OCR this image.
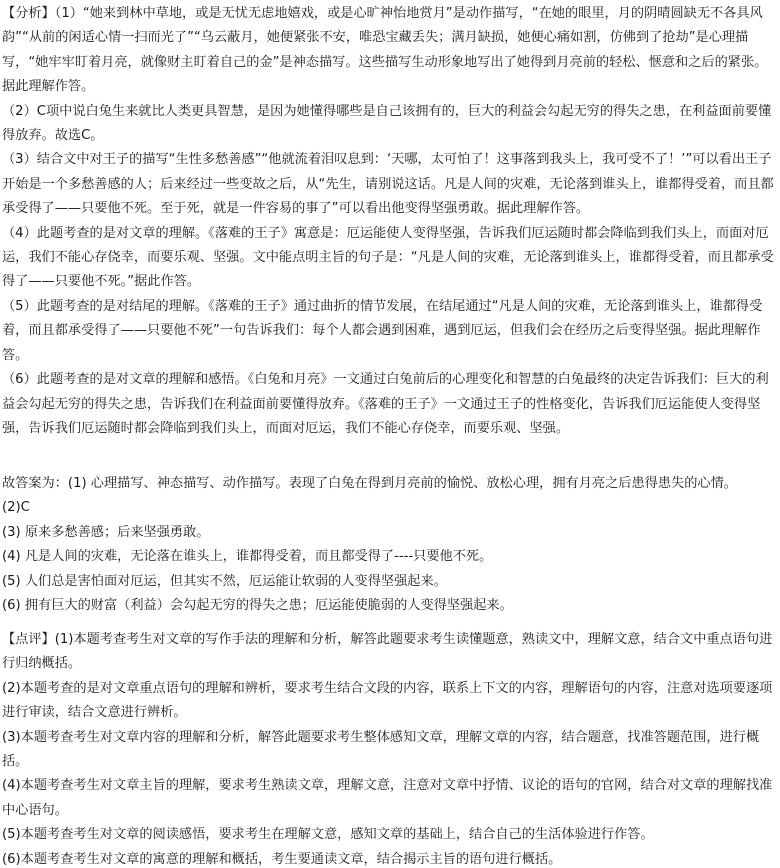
【分析】（1）“她来到林中草地，或是无忧无虑地嬉戏，或是心旷神怡地赏月”是动作描写，“在她的眼里，月的阴晴圆缺无不各具风韵”“从前的闲适心情一扫而光了”“乌云蔽月，她便紧张不安，唯恐宝藏丢失；满月缺损，她便心痛如割，仿佛到了抢劫”是心理描写，“她牢牢盯着月亮，就像财主盯着自己的金”是神态描写。这些描写生动形象地写出了她得到月亮前的轻松、惬意和之后的紧张。据此理解作答。

（2）C项中说白兔生来就比人类更具智慧，是因为她懂得哪些是自己该拥有的，巨大的利益会勾起无穷的得失之患，在利益面前要懂得放弃。故选C。

（3）结合文中对王子的描写“生性多愁善感”“他就流着泪叹息到：‘天哪，太可怕了！这事落到我头上，我可受不了！’”可以看出王子开始是一个多愁善感的人；后来经过一些变故之后，从“先生，请别说这话。凡是人间的灾难，无论落到谁头上，谁都得受着，而且都承受得了——只要他不死。至于死，就是一件容易的事了”可以看出他变得坚强勇敢。据此理解作答。

（4）此题考查的是对文章的理解。《落难的王子》寓意是：厄运能使人变得坚强，告诉我们厄运随时都会降临到我们头上，而面对厄运，我们不能心存侥幸，而要乐观、坚强。文中能点明主旨的句子是：“凡是人间的灾难，无论落到谁头上，谁都得受着，而且都承受得了——只要他不死。”据此作答。

（5）此题考查的是对结尾的理解。《落难的王子》通过曲折的情节发展，在结尾通过“凡是人间的灾难，无论落到谁头上，谁都得受着，而且都承受得了——只要他不死”一句告诉我们：每个人都会遇到困难，遇到厄运，但我们会在经历之后变得坚强。据此理解作答。

（6）此题考查的是对文章的理解和感悟。《白兔和月亮》一文通过白兔前后的心理变化和智慧的白兔最终的决定告诉我们：巨大的利益会勾起无穷的得失之患，告诉我们在利益面前要懂得放弃。《落难的王子》一文通过王子的性格变化，告诉我们厄运能使人变得坚强，告诉我们厄运随时都会降临到我们头上，而面对厄运，我们不能心存侥幸，而要乐观、坚强。

故答案为：(1) 心理描写、神态描写、动作描写。表现了白兔在得到月亮前的愉悦、放松心理，拥有月亮之后患得患失的心情。

(2)C

(3) 原来多愁善感；后来坚强勇敢。

(4) 凡是人间的灾难，无论落在谁头上，谁都得受着，而且都受得了----只要他不死。

(5) 人们总是害怕面对厄运，但其实不然，厄运能让软弱的人变得坚强起来。

(6) 拥有巨大的财富（利益）会勾起无穷的得失之患；厄运能使脆弱的人变得坚强起来。

【点评】(1)本题考查考生对文章的写作手法的理解和分析，解答此题要求考生读懂题意，熟读文中，理解文意，结合文中重点语句进行归纳概括。

(2)本题考查的是对文章重点语句的理解和辨析，要求考生结合文段的内容，联系上下文的内容，理解语句的内容，注意对选项要逐项进行审读，结合文意进行辨析。

(3)本题考查考生对文章内容的理解和分析，解答此题要求考生整体感知文章，理解文章的内容，结合题意，找准答题范围，进行概括。

(4)本题考查考生对文章主旨的理解，要求考生熟读文章，理解文意，注意对文章中抒情、议论的语句的官网，结合对文章的理解找准中心语句。

(5)本题考查考生对文章的阅读感悟，要求考生在理解文意，感知文章的基础上，结合自己的生活体验进行作答。

(6)本题考查考生对文章的寓意的理解和概括，考生要通读文章，结合揭示主旨的语句进行概括。
